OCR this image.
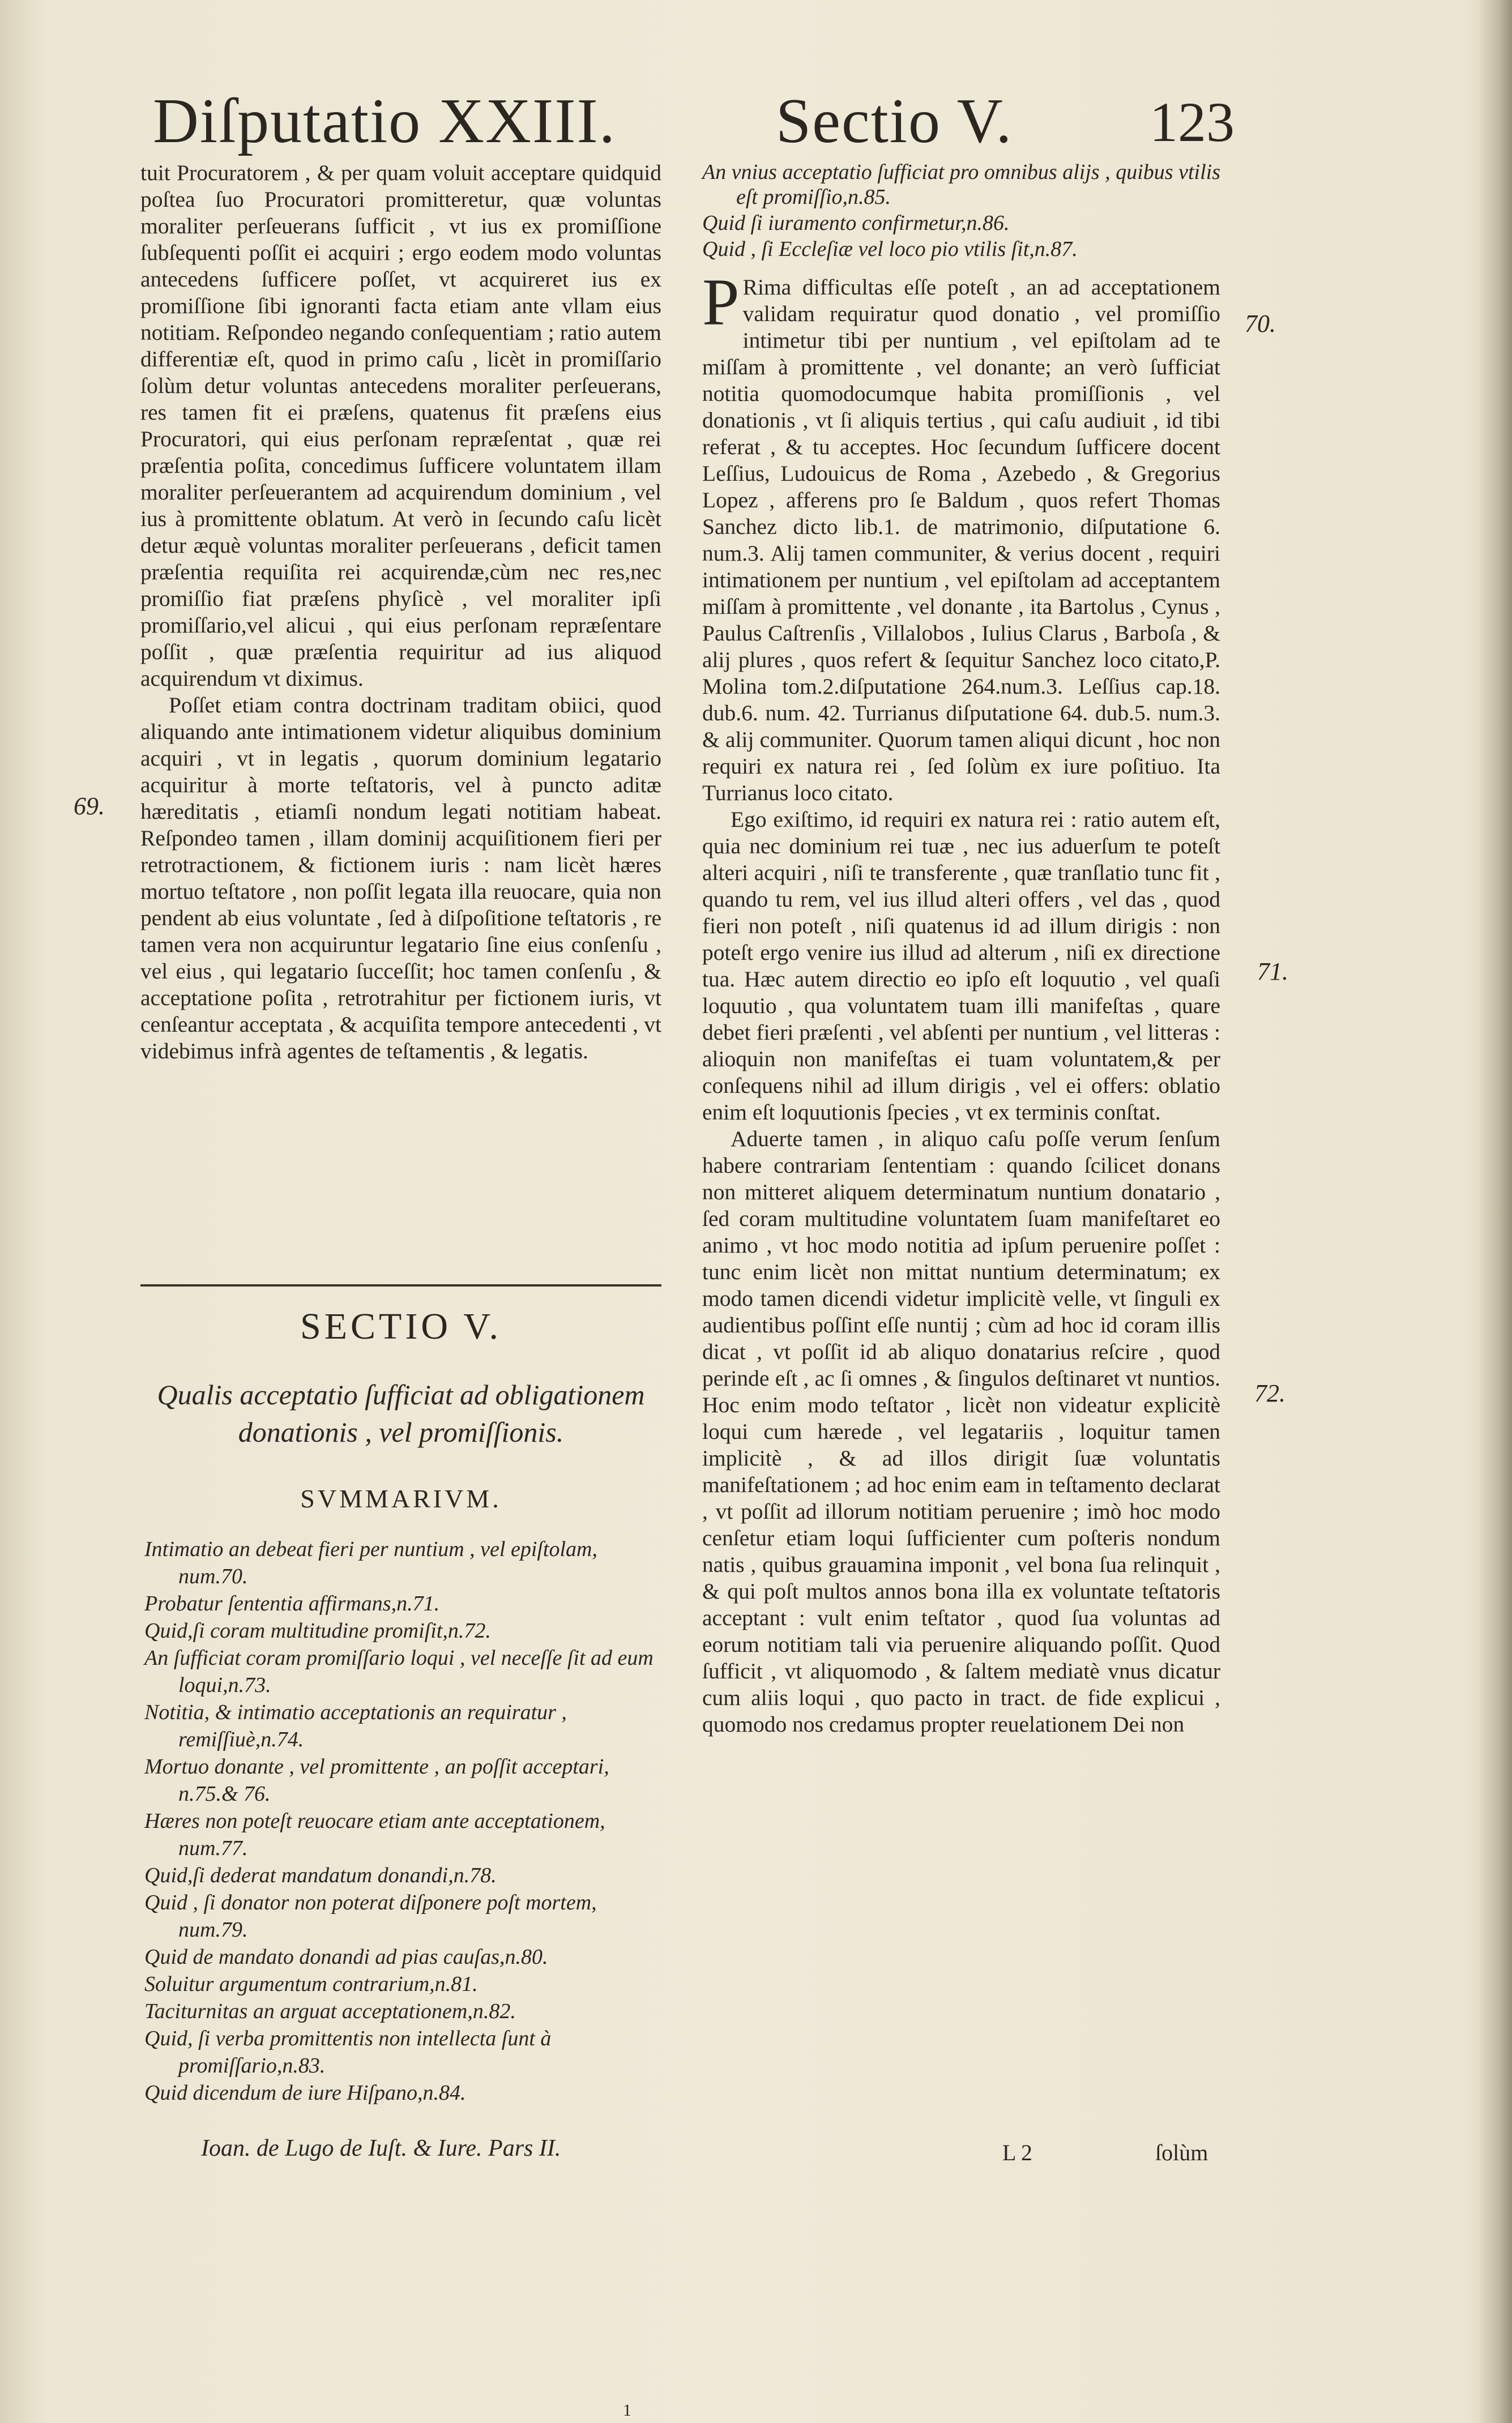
Diſputatio XXIII.	Sectio V. 123

tuit Procuratorem , & per quam voluit acceptare quidquid poſtea ſuo Procuratori promitteretur, quæ voluntas moraliter perſeuerans ſufficit , vt ius ex promiſſione ſubſequenti poſſit ei acquiri ; ergo eodem modo voluntas antecedens ſufficere poſſet, vt acquireret ius ex promiſſione ſibi ignoranti facta etiam ante vllam eius notitiam. Reſpondeo negando conſequentiam ; ratio autem differentiæ eſt, quod in primo caſu , licèt in promiſſario ſolùm detur voluntas antecedens moraliter perſeuerans, res tamen fit ei præſens, quatenus fit præſens eius Procuratori, qui eius perſonam repræſentat , quæ rei præſentia poſita, concedimus ſufficere voluntatem illam moraliter perſeuerantem ad acquirendum dominium , vel ius à promittente oblatum. At verò in ſecundo caſu licèt detur æquè voluntas moraliter perſeuerans , deficit tamen præſentia requiſita rei acquirendæ,cùm nec res,nec promiſſio fiat præſens phyſicè , vel moraliter ipſi promiſſario,vel alicui , qui eius perſonam repræſentare poſſit , quæ præſentia requiritur ad ius aliquod acquirendum vt diximus.

Poſſet etiam contra doctrinam traditam obiici, quod aliquando ante intimationem videtur aliquibus dominium acquiri , vt in legatis , quorum dominium legatario acquiritur à morte teſtatoris, vel à puncto aditæ hæreditatis , etiamſi nondum legati notitiam habeat. Reſpondeo tamen , illam dominij acquiſitionem fieri per retrotractionem, & fictionem iuris : nam licèt hæres mortuo teſtatore , non poſſit legata illa reuocare, quia non pendent ab eius voluntate , ſed à diſpoſitione teſtatoris , re tamen vera non acquiruntur legatario ſine eius conſenſu , vel eius , qui legatario ſucceſſit; hoc tamen conſenſu , & acceptatione poſita , retrotrahitur per fictionem iuris, vt cenſeantur acceptata , & acquiſita tempore antecedenti , vt videbimus infrà agentes de teſtamentis , & legatis.

69.
SECTIO V.
Qualis acceptatio ſufficiat ad obligationem
donationis , vel promiſſionis.
SVMMARIVM.

Intimatio an debeat fieri per nuntium , vel epiſtolam, num.70.

Probatur ſententia affirmans,n.71.

Quid,ſi coram multitudine promiſit,n.72.

An ſufficiat coram promiſſario loqui , vel neceſſe ſit ad eum loqui,n.73.

Notitia, & intimatio acceptationis an requiratur , remiſſiuè,n.74.

Mortuo donante , vel promittente , an poſſit acceptari, n.75.& 76.

Hæres non poteſt reuocare etiam ante acceptationem, num.77.

Quid,ſi dederat mandatum donandi,n.78.

Quid , ſi donator non poterat diſponere poſt mortem, num.79.

Quid de mandato donandi ad pias cauſas,n.80.

Soluitur argumentum contrarium,n.81.

Taciturnitas an arguat acceptationem,n.82.

Quid, ſi verba promittentis non intellecta ſunt à promiſſario,n.83.

Quid dicendum de iure Hiſpano,n.84.

Ioan. de Lugo de Iuſt. & Iure. Pars II.

An vnius acceptatio ſufficiat pro omnibus alijs , quibus vtilis eſt promiſſio,n.85.

Quid ſi iuramento confirmetur,n.86.

Quid , ſi Eccleſiæ vel loco pio vtilis ſit,n.87.

P Rima difficultas eſſe poteſt , an ad acceptationem validam requiratur quod donatio , vel promiſſio intimetur tibi per nuntium , vel epiſtolam ad te miſſam à promittente , vel donante; an verò ſufficiat notitia quomodocumque habita promiſſionis , vel donationis , vt ſi aliquis tertius , qui caſu audiuit , id tibi referat , & tu acceptes. Hoc ſecundum ſufficere docent Leſſius, Ludouicus de Roma , Azebedo , & Gregorius Lopez , afferens pro ſe Baldum , quos refert Thomas Sanchez dicto lib.1. de matrimonio, diſputatione 6. num.3. Alij tamen communiter, & verius docent , requiri intimationem per nuntium , vel epiſtolam ad acceptantem miſſam à promittente , vel donante , ita Bartolus , Cynus , Paulus Caſtrenſis , Villalobos , Iulius Clarus , Barboſa , & alij plures , quos refert & ſequitur Sanchez loco citato,P. Molina tom.2.diſputatione 264.num.3. Leſſius cap.18. dub.6. num. 42. Turrianus diſputatione 64. dub.5. num.3. & alij communiter. Quorum tamen aliqui dicunt , hoc non requiri ex natura rei , ſed ſolùm ex iure poſitiuo. Ita Turrianus loco citato.

Ego exiſtimo, id requiri ex natura rei : ratio autem eſt, quia nec dominium rei tuæ , nec ius aduerſum te poteſt alteri acquiri , niſi te transferente , quæ tranſlatio tunc fit , quando tu rem, vel ius illud alteri offers , vel das , quod fieri non poteſt , niſi quatenus id ad illum dirigis : non poteſt ergo venire ius illud ad alterum , niſi ex directione tua. Hæc autem directio eo ipſo eſt loquutio , vel quaſi loquutio , qua voluntatem tuam illi manifeſtas , quare debet fieri præſenti , vel abſenti per nuntium , vel litteras : alioquin non manifeſtas ei tuam voluntatem,& per conſequens nihil ad illum dirigis , vel ei offers: oblatio enim eſt loquutionis ſpecies , vt ex terminis conſtat.

Aduerte tamen , in aliquo caſu poſſe verum ſenſum habere contrariam ſententiam : quando ſcilicet donans non mitteret aliquem determinatum nuntium donatario , ſed coram multitudine voluntatem ſuam manifeſtaret eo animo , vt hoc modo notitia ad ipſum peruenire poſſet : tunc enim licèt non mittat nuntium determinatum; ex modo tamen dicendi videtur implicitè velle, vt ſinguli ex audientibus poſſint eſſe nuntij ; cùm ad hoc id coram illis dicat , vt poſſit id ab aliquo donatarius reſcire , quod perinde eſt , ac ſi omnes , & ſingulos deſtinaret vt nuntios. Hoc enim modo teſtator , licèt non videatur explicitè loqui cum hærede , vel legatariis , loquitur tamen implicitè , & ad illos dirigit ſuæ voluntatis manifeſtationem ; ad hoc enim eam in teſtamento declarat , vt poſſit ad illorum notitiam peruenire ; imò hoc modo cenſetur etiam loqui ſufficienter cum poſteris nondum natis , quibus grauamina imponit , vel bona ſua relinquit , & qui poſt multos annos bona illa ex voluntate teſtatoris acceptant : vult enim teſtator , quod ſua voluntas ad eorum notitiam tali via peruenire aliquando poſſit. Quod ſufficit , vt aliquomodo , & ſaltem mediatè vnus dicatur cum aliis loqui , quo pacto in tract. de fide explicui , quomodo nos credamus propter reuelationem Dei non

70.
71.
72.
L 2	ſolùm
1
